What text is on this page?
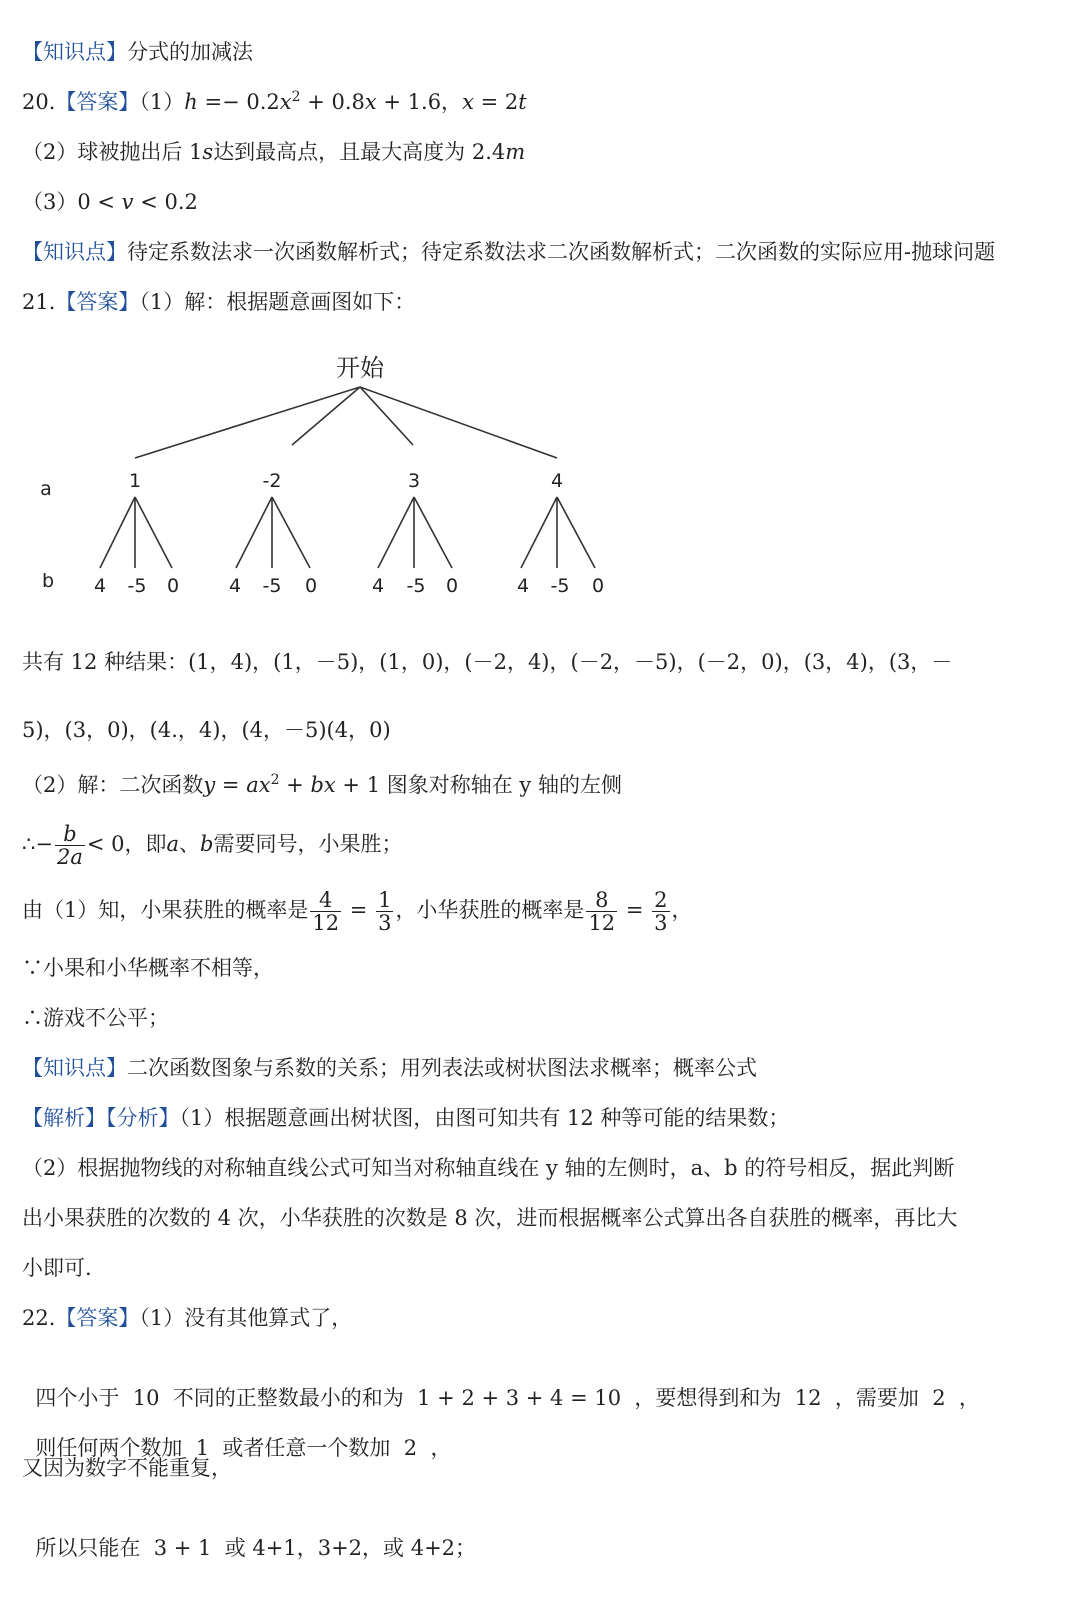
【知识点】分式的加减法
20.【答案】$(1)h =- 0.2x^2 + 0.8x + 1.6$，x = 2t
（2）球被抛出后 1s达到最高点，且最大高度为 2.4m
（3）0 < v < 0.2
【知识点】待定系数法求一次函数解析式；待定系数法求二次函数解析式；二次函数的实际应用-抛球问题
21.【答案】（1）解：根据题意画图如下：
开始
a
b
1	-2	3	4
4 -5 0	4 -5 0	4 -5 0	4 -5 0
共有 12 种结果：(1，4)，(1，－5)，(1，0)，(－2，4)，(－2，－5)，(－2，0)，(3，4)，(3，－
5)，(3，0)，(4.，4)，(4，－5)(4，0)
（2）解：二次函数$y = ax^2$ + bx + 1 图象对称轴在 y 轴的左侧
∴− $\frac{b}{2a} < 0$，即a、b需要同号，小果胜；
由（1）知，小果获胜的概率是 $\frac{4}{12} = \frac{1}{3}$ ，小华获胜的概率是 $\frac{8}{12} = \frac{2}{3}$ ，
∵小果和小华概率不相等，
∴游戏不公平；
【知识点】二次函数图象与系数的关系；用列表法或树状图法求概率；概率公式
【解析】【分析】（1）根据题意画出树状图，由图可知共有 12 种等可能的结果数；
（2）根据抛物线的对称轴直线公式可知当对称轴直线在 y 轴的左侧时，a、b 的符号相反，据此判断
出小果获胜的次数的 4 次，小华获胜的次数是 8 次，进而根据概率公式算出各自获胜的概率，再比大
小即可.
22.【答案】（1）没有其他算式了，

四个小于  10  不同的正整数最小的和为  1 + 2 + 3 + 4 = 10  ，要想得到和为  12  ，需要加  2  ，

则任何两个数加  1  或者任意一个数加  2  ，

又因为数字不能重复，

所以只能在  3 + 1  或 4+1，3+2，或 4+2；
